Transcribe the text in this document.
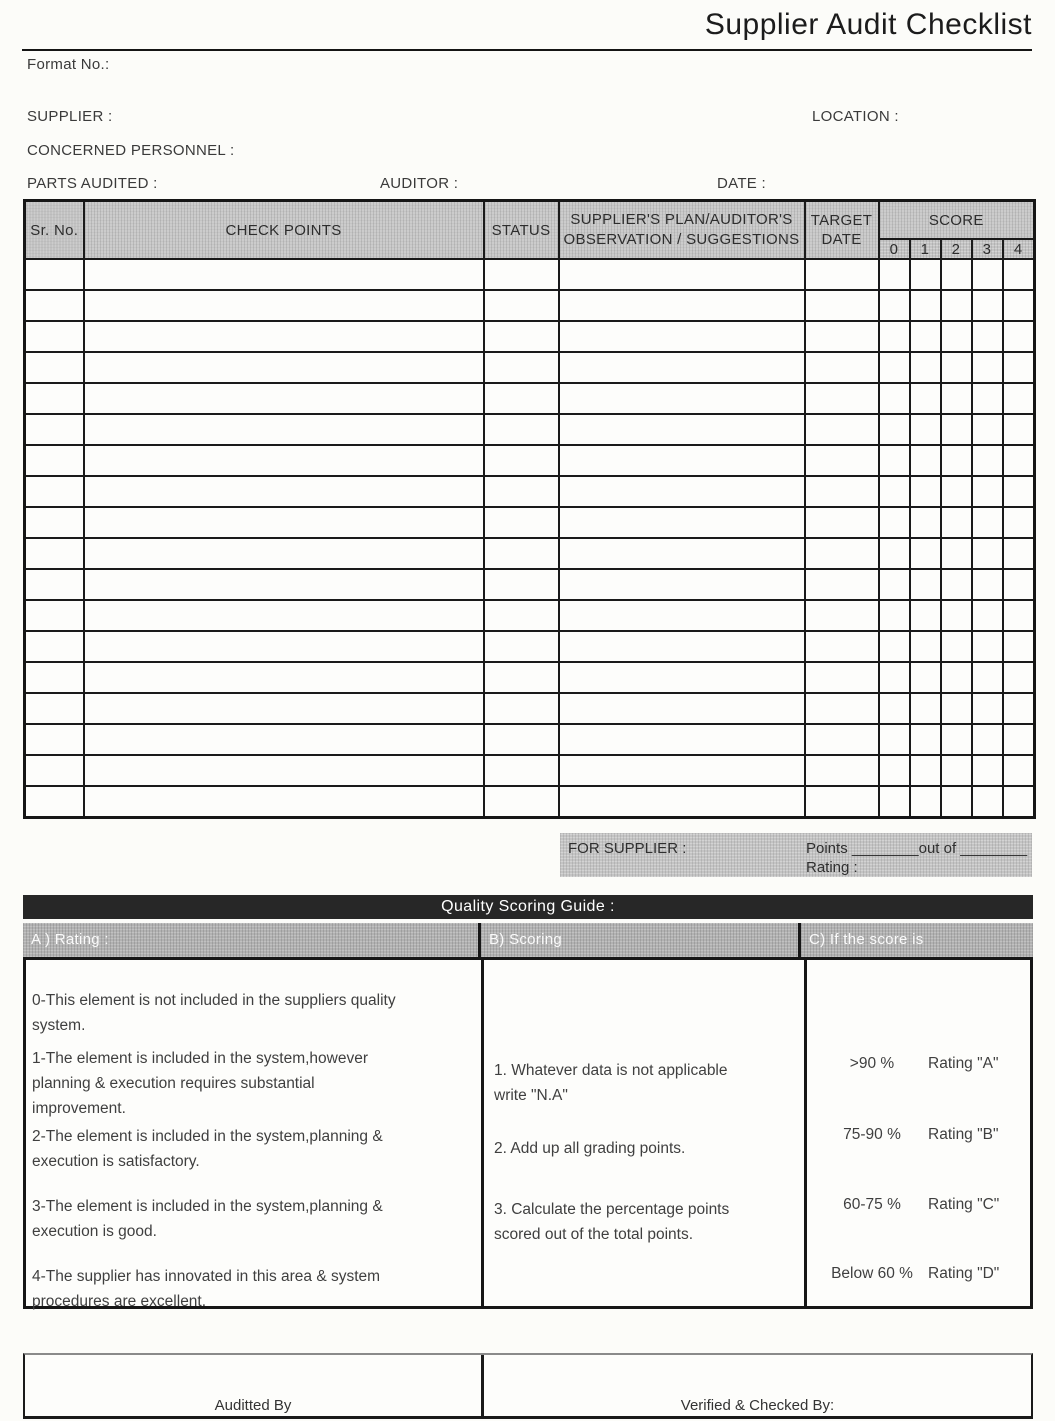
Supplier Audit Checklist
Format No.:
SUPPLIER :	LOCATION :
CONCERNED PERSONNEL :
PARTS AUDITED :	AUDITOR :	DATE :
Sr. No.	CHECK POINTS	STATUS	SUPPLIER'S PLAN/AUDITOR'S OBSERVATION / SUGGESTIONS	TARGET DATE	SCORE				
					0	1	2	3	4

FOR SUPPLIER :	Points ________out of ________
Rating :
Quality Scoring Guide :
A ) Rating :	B) Scoring	C) If the score is

0-This element is not included in the suppliers quality system.

1-The element is included in the system,however planning & execution requires substantial improvement.

2-The element is included in the system,planning & execution is satisfactory.

3-The element is included in the system,planning & execution is good.

4-The supplier has innovated in this area & system procedures are excellent.

1. Whatever data is not applicable write "N.A"

2. Add up all grading points.

3. Calculate the percentage points scored out of the total points.

>90 %	Rating "A"
75-90 %	Rating "B"
60-75 %	Rating "C"
Below 60 % Rating "D"
Auditted By	Verified & Checked By:
